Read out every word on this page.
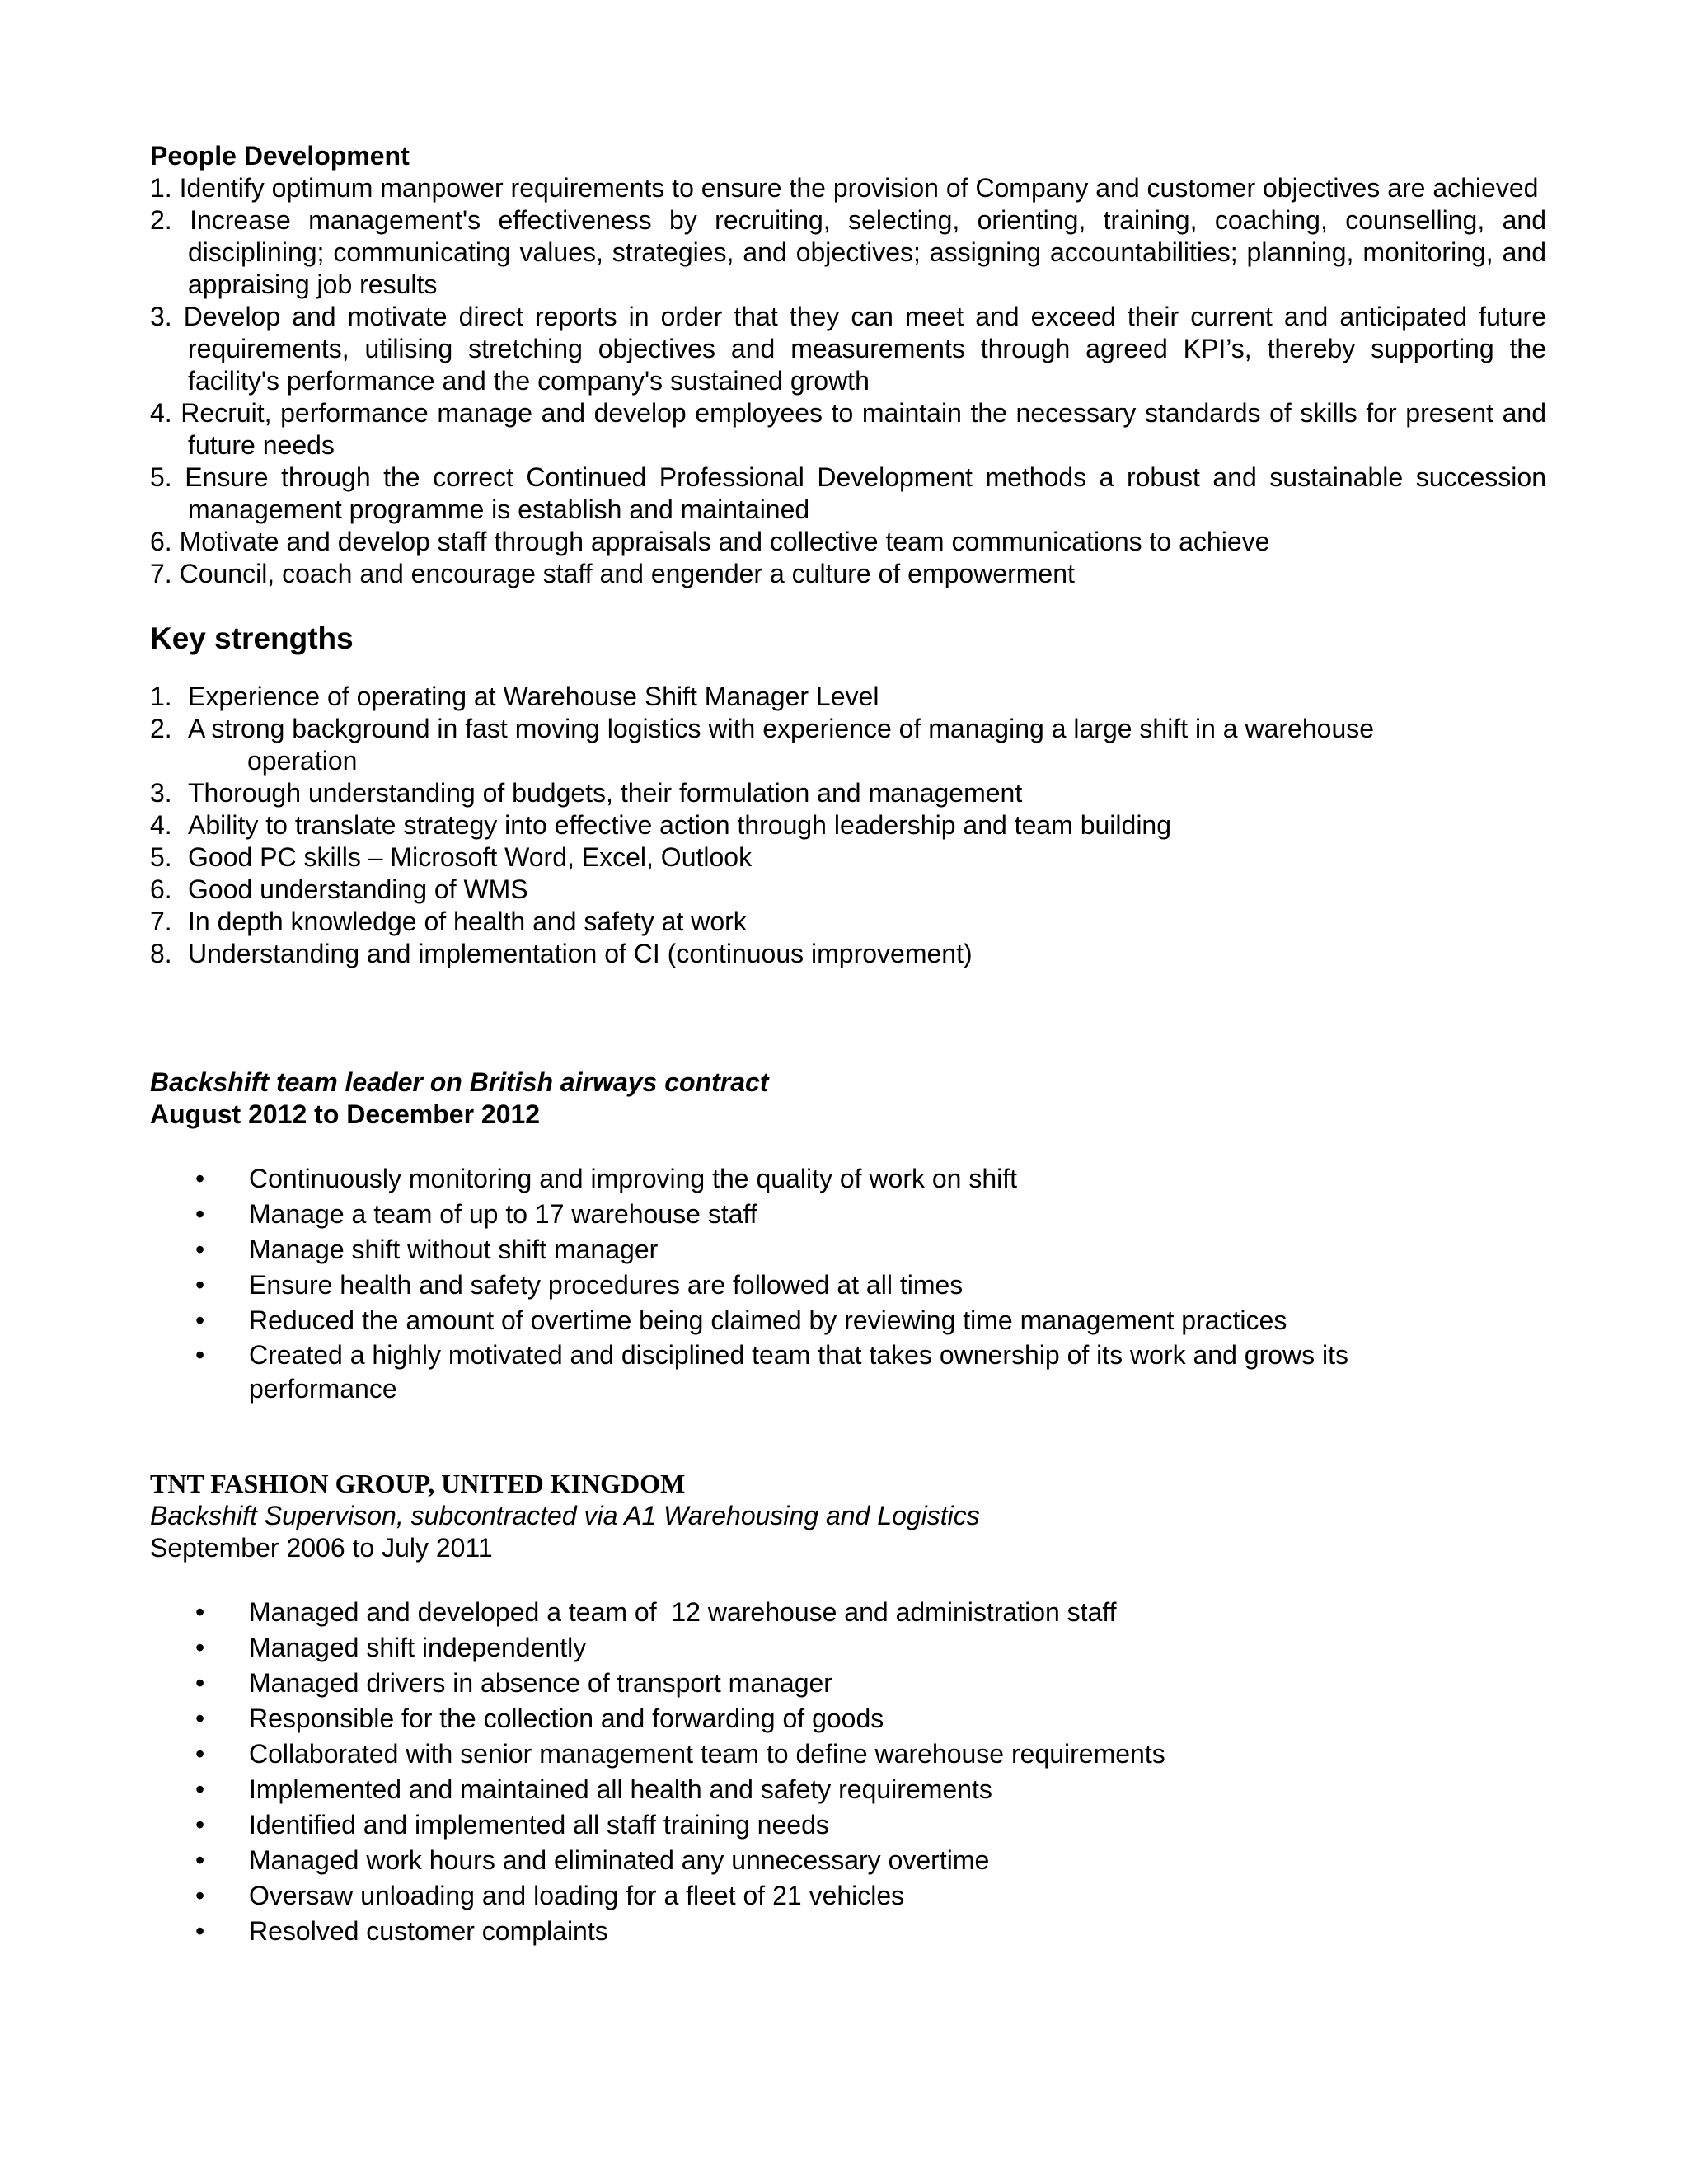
People Development

1. Identify optimum manpower requirements to ensure the provision of Company and customer objectives are achieved
2. Increase management's effectiveness by recruiting, selecting, orienting, training, coaching, counselling, and disciplining; communicating values, strategies, and objectives; assigning accountabilities; planning, monitoring, and appraising job results
3. Develop and motivate direct reports in order that they can meet and exceed their current and anticipated future requirements, utilising stretching objectives and measurements through agreed KPI’s, thereby supporting the facility's performance and the company's sustained growth
4. Recruit, performance manage and develop employees to maintain the necessary standards of skills for present and future needs
5. Ensure through the correct Continued Professional Development methods a robust and sustainable succession management programme is establish and maintained
6. Motivate and develop staff through appraisals and collective team communications to achieve
7. Council, coach and encourage staff and engender a culture of empowerment

Key strengths

1. Experience of operating at Warehouse Shift Manager Level
2. A strong background in fast moving logistics with experience of managing a large shift in a warehouse
operation
3. Thorough understanding of budgets, their formulation and management
4. Ability to translate strategy into effective action through leadership and team building
5. Good PC skills – Microsoft Word, Excel, Outlook
6. Good understanding of WMS
7. In depth knowledge of health and safety at work
8. Understanding and implementation of CI (continuous improvement)
Backshift team leader on British airways contract
August 2012 to December 2012
•	Continuously monitoring and improving the quality of work on shift
•	Manage a team of up to 17 warehouse staff
•	Manage shift without shift manager
•	Ensure health and safety procedures are followed at all times
•	Reduced the amount of overtime being claimed by reviewing time management practices
•	Created a highly motivated and disciplined team that takes ownership of its work and grows its performance
TNT FASHION GROUP, UNITED KINGDOM
Backshift Supervison, subcontracted via A1 Warehousing and Logistics
September 2006 to July 2011
•	Managed and developed a team of  12 warehouse and administration staff
•	Managed shift independently
•	Managed drivers in absence of transport manager
•	Responsible for the collection and forwarding of goods
•	Collaborated with senior management team to define warehouse requirements
•	Implemented and maintained all health and safety requirements
•	Identified and implemented all staff training needs
•	Managed work hours and eliminated any unnecessary overtime
•	Oversaw unloading and loading for a fleet of 21 vehicles
•	Resolved customer complaints
